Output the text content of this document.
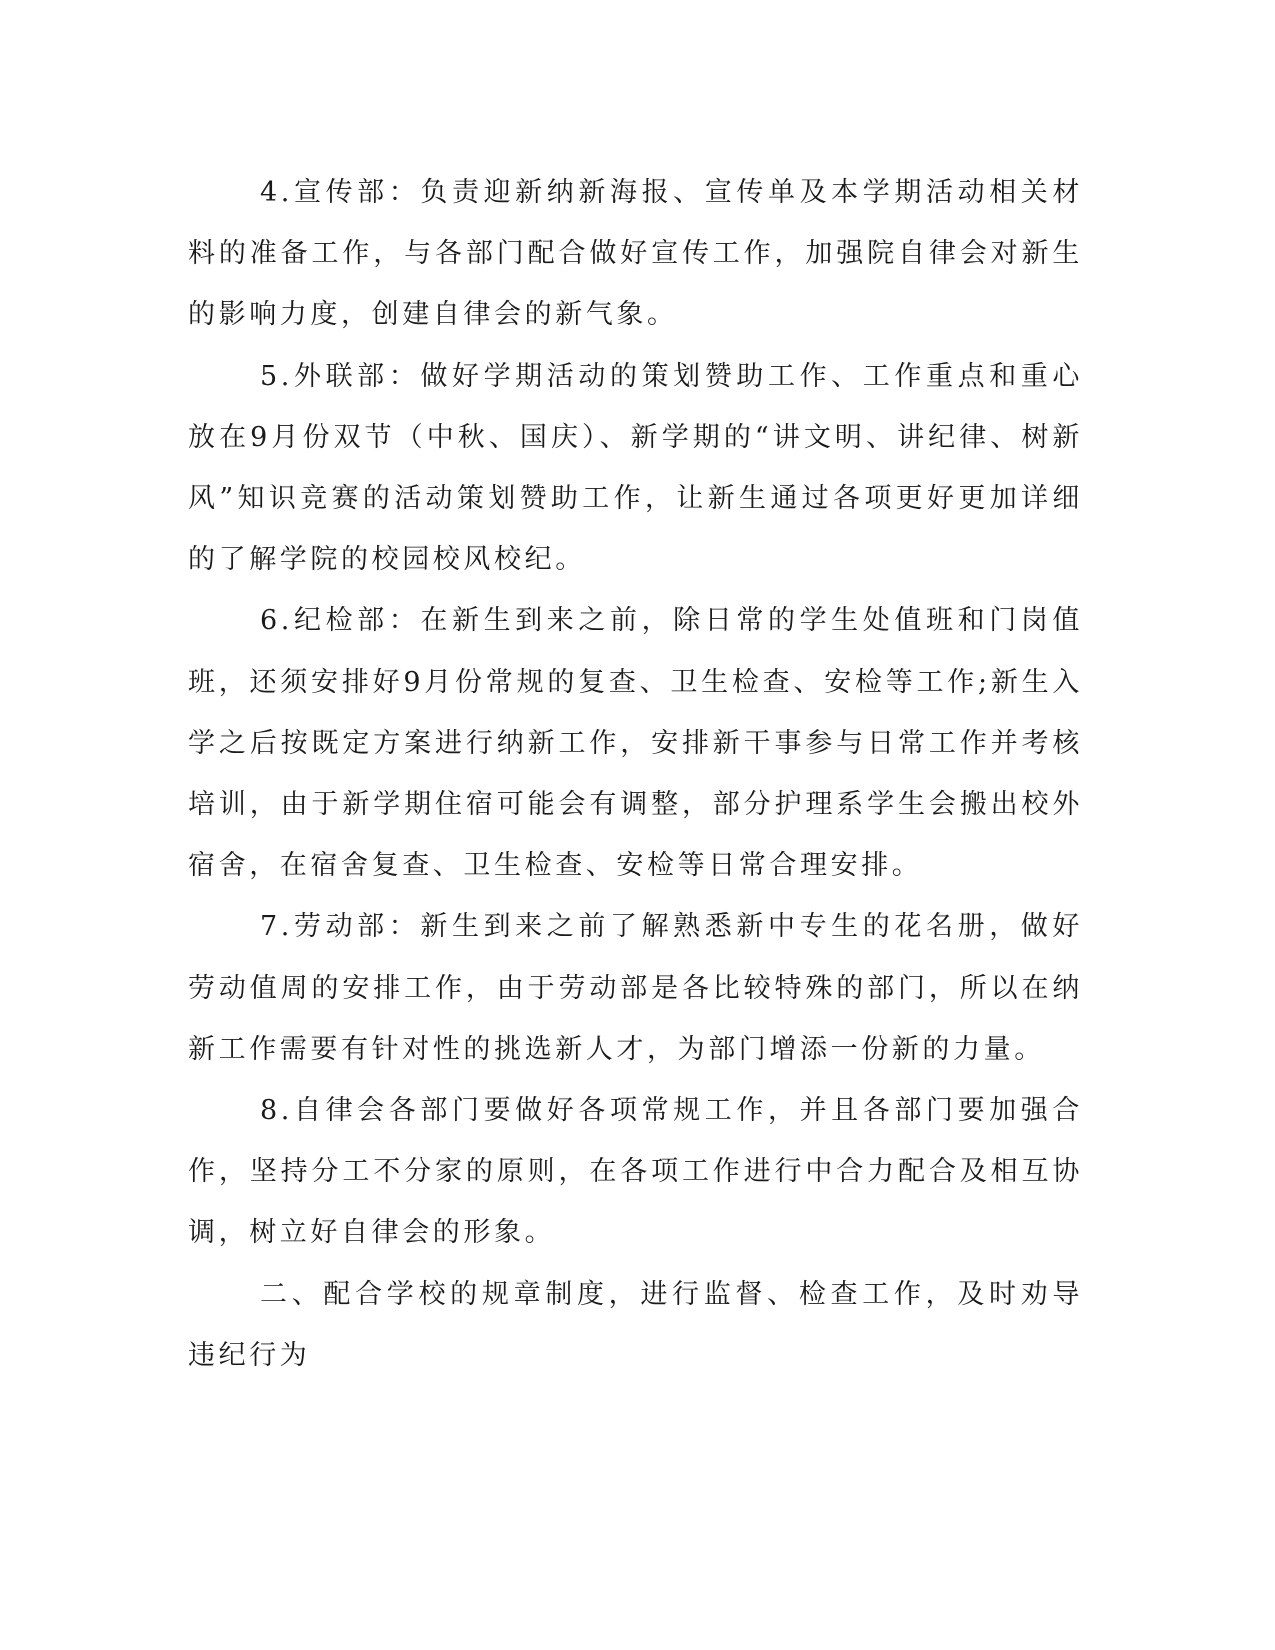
4.宣传部：负责迎新纳新海报、宣传单及本学期活动相关材料的准备工作，与各部门配合做好宣传工作，加强院自律会对新生的影响力度，创建自律会的新气象。

5.外联部：做好学期活动的策划赞助工作、工作重点和重心放在9月份双节（中秋、国庆）、新学期的“讲文明、讲纪律、树新风”知识竞赛的活动策划赞助工作，让新生通过各项更好更加详细的了解学院的校园校风校纪。

6.纪检部：在新生到来之前，除日常的学生处值班和门岗值班，还须安排好9月份常规的复查、卫生检查、安检等工作;新生入学之后按既定方案进行纳新工作，安排新干事参与日常工作并考核培训，由于新学期住宿可能会有调整，部分护理系学生会搬出校外宿舍，在宿舍复查、卫生检查、安检等日常合理安排。

7.劳动部：新生到来之前了解熟悉新中专生的花名册，做好劳动值周的安排工作，由于劳动部是各比较特殊的部门，所以在纳新工作需要有针对性的挑选新人才，为部门增添一份新的力量。

8.自律会各部门要做好各项常规工作，并且各部门要加强合作，坚持分工不分家的原则，在各项工作进行中合力配合及相互协调，树立好自律会的形象。

二、配合学校的规章制度，进行监督、检查工作，及时劝导违纪行为
